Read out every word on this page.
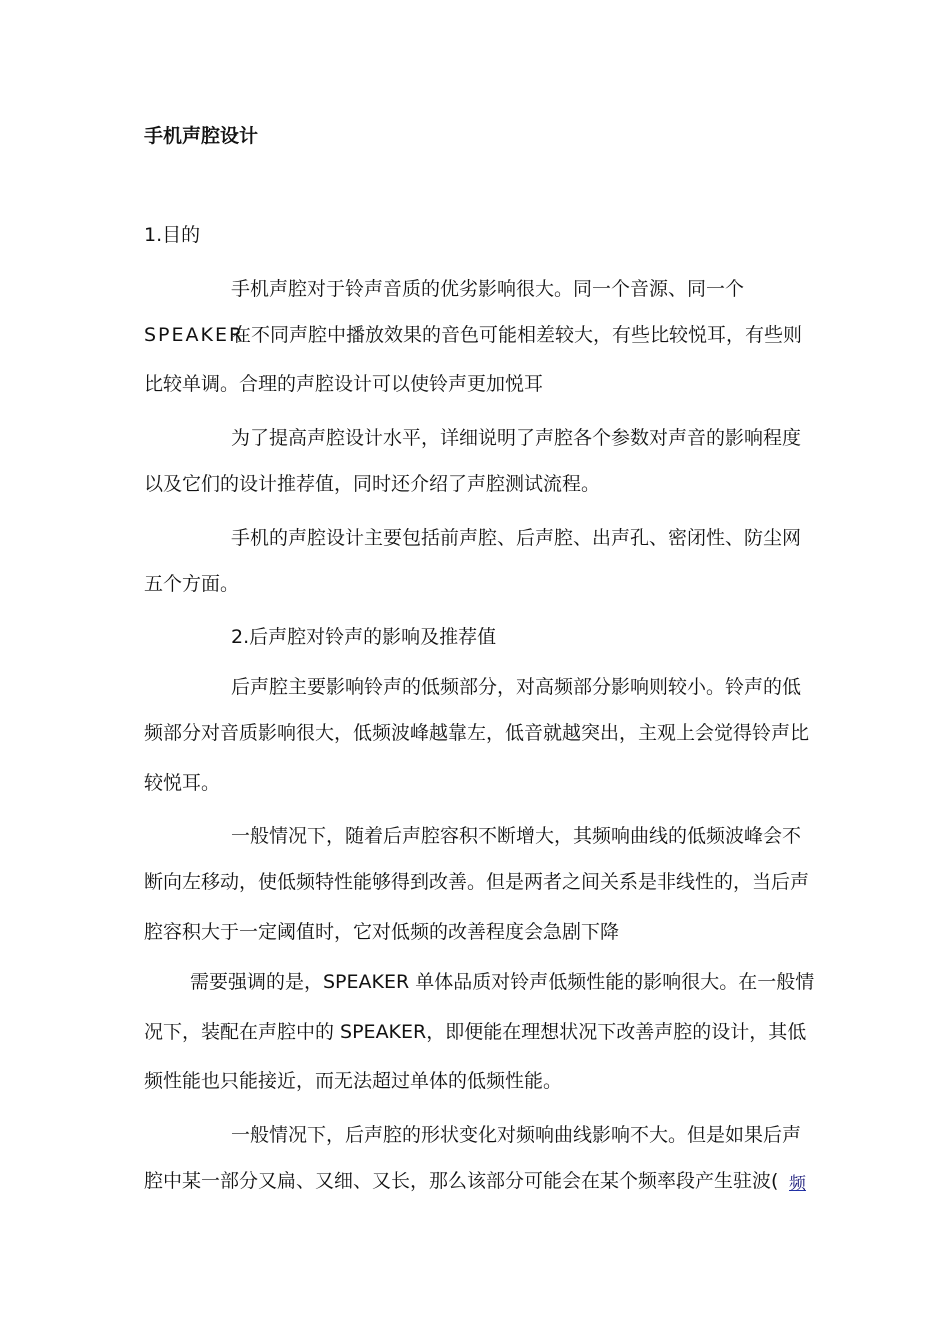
手机声腔设计
1.目的
手机声腔对于铃声音质的优劣影响很大。同一个音源、同一个
SPEAKER
在不同声腔中播放效果的音色可能相差较大，有些比较悦耳，有些则
比较单调。合理的声腔设计可以使铃声更加悦耳
为了提高声腔设计水平，详细说明了声腔各个参数对声音的影响程度
以及它们的设计推荐值，同时还介绍了声腔测试流程。
手机的声腔设计主要包括前声腔、后声腔、出声孔、密闭性、防尘网
五个方面。
2.后声腔对铃声的影响及推荐值
后声腔主要影响铃声的低频部分，对高频部分影响则较小。铃声的低
频部分对音质影响很大，低频波峰越靠左，低音就越突出，主观上会觉得铃声比
较悦耳。
一般情况下，随着后声腔容积不断增大，其频响曲线的低频波峰会不
断向左移动，使低频特性能够得到改善。但是两者之间关系是非线性的，当后声
腔容积大于一定阈值时，它对低频的改善程度会急剧下降
需要强调的是，SPEAKER 单体品质对铃声低频性能的影响很大。在一般情
况下，装配在声腔中的 SPEAKER，即便能在理想状况下改善声腔的设计，其低
频性能也只能接近，而无法超过单体的低频性能。
一般情况下，后声腔的形状变化对频响曲线影响不大。但是如果后声
腔中某一部分又扁、又细、又长，那么该部分可能会在某个频率段产生驻波( 频
